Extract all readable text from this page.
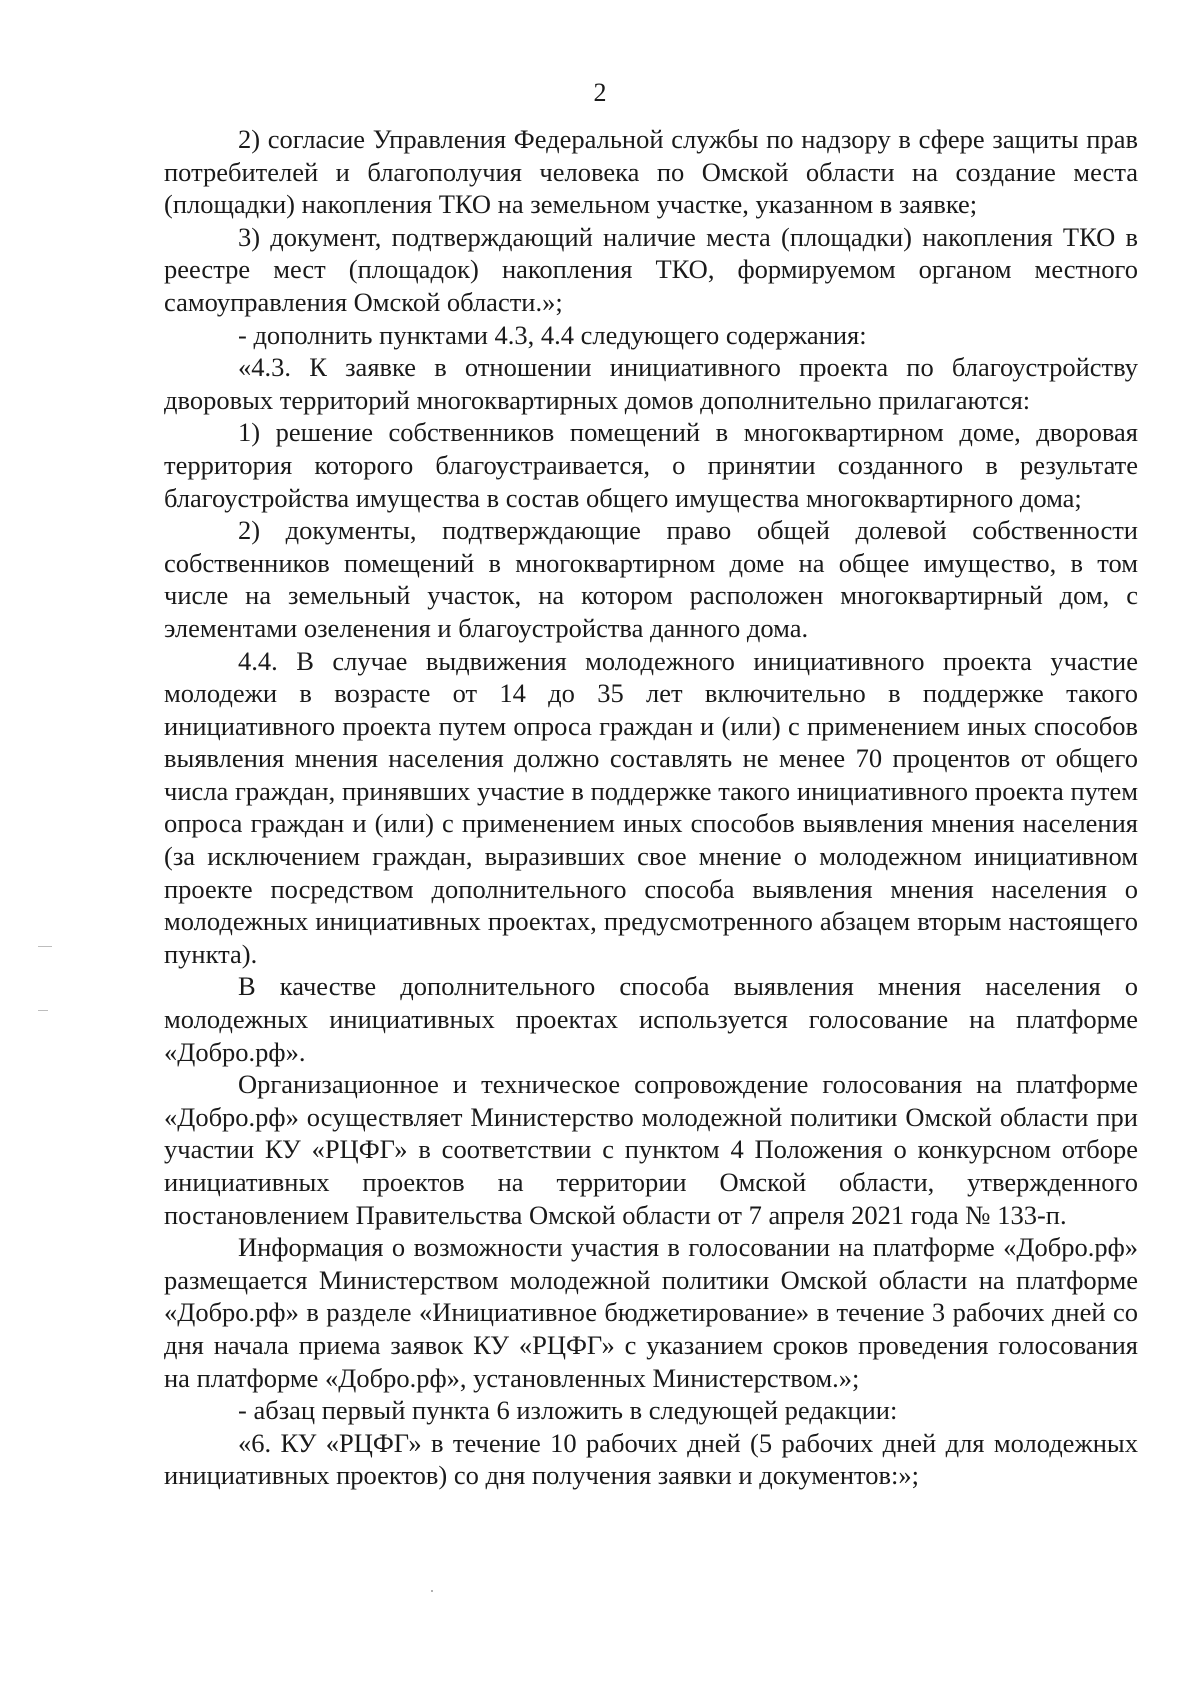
2

2) согласие Управления Федеральной службы по надзору в сфере защиты прав потребителей и благополучия человека по Омской области на создание места (площадки) накопления ТКО на земельном участке, указанном в заявке;

3) документ, подтверждающий наличие места (площадки) накопления ТКО в реестре мест (площадок) накопления ТКО, формируемом органом местного самоуправления Омской области.»;

- дополнить пунктами 4.3, 4.4 следующего содержания:

«4.3. К заявке в отношении инициативного проекта по благоустройству дворовых территорий многоквартирных домов дополнительно прилагаются:

1) решение собственников помещений в многоквартирном доме, дворовая территория которого благоустраивается, о принятии созданного в результате благоустройства имущества в состав общего имущества многоквартирного дома;

2) документы, подтверждающие право общей долевой собственности собственников помещений в многоквартирном доме на общее имущество, в том числе на земельный участок, на котором расположен многоквартирный дом, с элементами озеленения и благоустройства данного дома.

4.4. В случае выдвижения молодежного инициативного проекта участие молодежи в возрасте от 14 до 35 лет включительно в поддержке такого инициативного проекта путем опроса граждан и (или) с применением иных способов выявления мнения населения должно составлять не менее 70 процентов от общего числа граждан, принявших участие в поддержке такого инициативного проекта путем опроса граждан и (или) с применением иных способов выявления мнения населения (за исключением граждан, выразивших свое мнение о молодежном инициативном проекте посредством дополнительного способа выявления мнения населения о молодежных инициативных проектах, предусмотренного абзацем вторым настоящего пункта).

В качестве дополнительного способа выявления мнения населения о молодежных инициативных проектах используется голосование на платформе «Добро.рф».

Организационное и техническое сопровождение голосования на платформе «Добро.рф» осуществляет Министерство молодежной политики Омской области при участии КУ «РЦФГ» в соответствии с пунктом 4 Положения о конкурсном отборе инициативных проектов на территории Омской области, утвержденного постановлением Правительства Омской области от 7 апреля 2021 года № 133-п.

Информация о возможности участия в голосовании на платформе «Добро.рф» размещается Министерством молодежной политики Омской области на платформе «Добро.рф» в разделе «Инициативное бюджетирование» в течение 3 рабочих дней со дня начала приема заявок КУ «РЦФГ» с указанием сроков проведения голосования на платформе «Добро.рф», установленных Министерством.»;

- абзац первый пункта 6 изложить в следующей редакции:

«6. КУ «РЦФГ» в течение 10 рабочих дней (5 рабочих дней для молодежных инициативных проектов) со дня получения заявки и документов:»;
